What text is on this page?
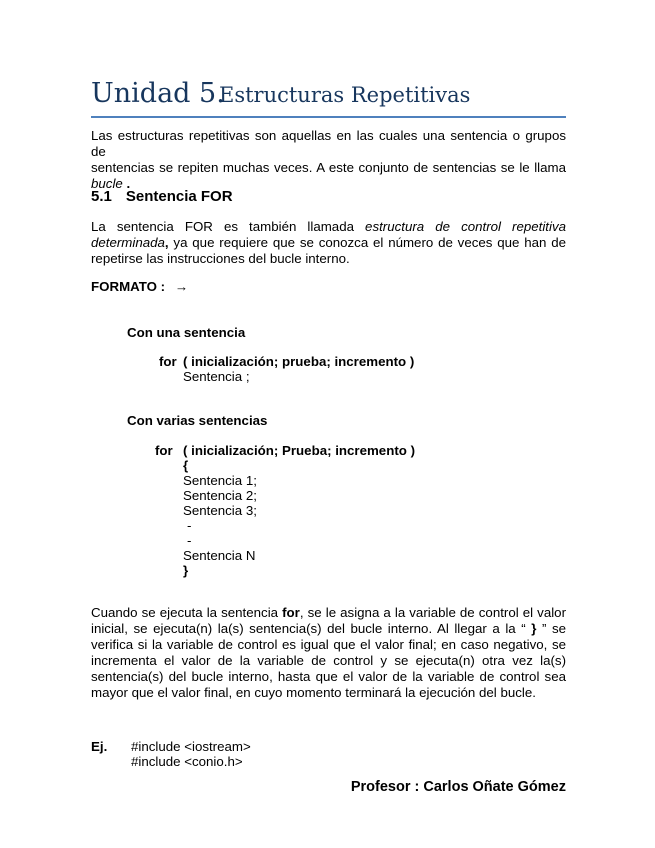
Unidad 5.
Estructuras Repetitivas
Las estructuras repetitivas son aquellas en las cuales una sentencia o grupos de
sentencias se repiten muchas veces. A este conjunto de sentencias se le llama
bucle .
5.1 Sentencia FOR
La sentencia FOR es también llamada estructura de control repetitiva
determinada, ya que requiere que se conozca el número de veces que han de
repetirse las instrucciones del bucle interno.
FORMATO : →
Con una sentencia
for ( inicialización; prueba; incremento )
Sentencia ;
Con varias sentencias
for ( inicialización; Prueba; incremento )
{
Sentencia 1;
Sentencia 2;
Sentencia 3;
-
-
Sentencia N
}
Cuando se ejecuta la sentencia for, se le asigna a la variable de control el valor
inicial, se ejecuta(n) la(s) sentencia(s) del bucle interno. Al llegar a la “ } ” se
verifica si la variable de control es igual que el valor final; en caso negativo, se
incrementa el valor de la variable de control y se ejecuta(n) otra vez la(s)
sentencia(s) del bucle interno, hasta que el valor de la variable de control sea
mayor que el valor final, en cuyo momento terminará la ejecución del bucle.
Ej. #include <iostream>
#include <conio.h>
Profesor : Carlos Oñate Gómez
